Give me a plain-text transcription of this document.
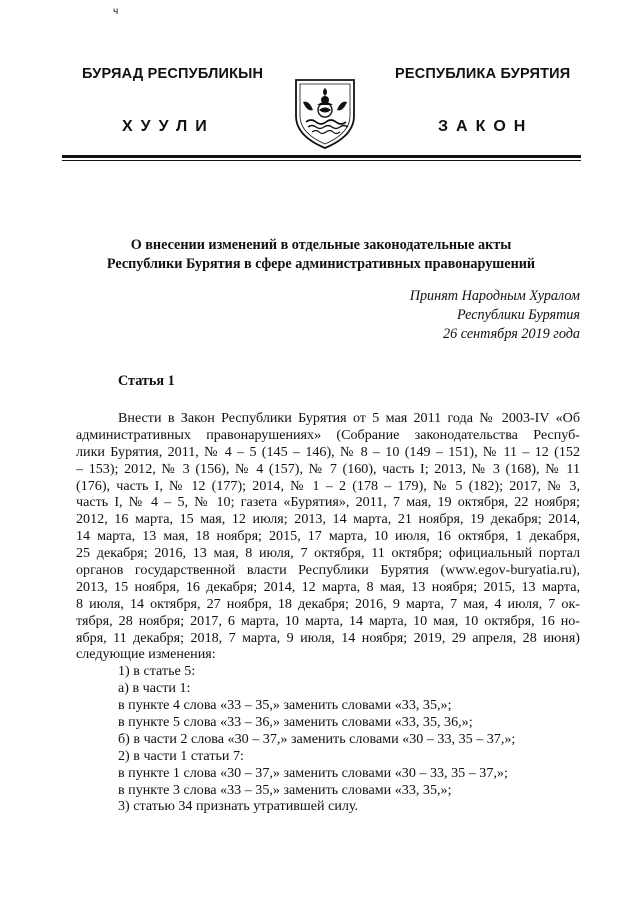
ч
БУРЯАД РЕСПУБЛИКЫН	РЕСПУБЛИКА БУРЯТИЯ
ХУУЛИ	ЗАКОН
О внесении изменений в отдельные законодательные акты
Республики Бурятия в сфере административных правонарушений
Принят Народным Хуралом
Республики Бурятия
26 сентября 2019 года
Статья 1
Внести в Закон Республики Бурятия от 5 мая 2011 года № 2003-IV «Об
административных правонарушениях» (Собрание законодательства Респуб-
лики Бурятия, 2011, № 4 – 5 (145 – 146), № 8 – 10 (149 – 151), № 11 – 12 (152
– 153); 2012, № 3 (156), № 4 (157), № 7 (160), часть I; 2013, № 3 (168), № 11
(176), часть I, № 12 (177); 2014, № 1 – 2 (178 – 179), № 5 (182); 2017, № 3,
часть I, № 4 – 5, № 10; газета «Бурятия», 2011, 7 мая, 19 октября, 22 ноября;
2012, 16 марта, 15 мая, 12 июля; 2013, 14 марта, 21 ноября, 19 декабря; 2014,
14 марта, 13 мая, 18 ноября; 2015, 17 марта, 10 июля, 16 октября, 1 декабря,
25 декабря; 2016, 13 мая, 8 июля, 7 октября, 11 октября; официальный портал
органов государственной власти Республики Бурятия (www.egov-buryatia.ru),
2013, 15 ноября, 16 декабря; 2014, 12 марта, 8 мая, 13 ноября; 2015, 13 марта,
8 июля, 14 октября, 27 ноября, 18 декабря; 2016, 9 марта, 7 мая, 4 июля, 7 ок-
тября, 28 ноября; 2017, 6 марта, 10 марта, 14 марта, 10 мая, 10 октября, 16 но-
ября, 11 декабря; 2018, 7 марта, 9 июля, 14 ноября; 2019, 29 апреля, 28 июня)
следующие изменения:
1) в статье 5:
а) в части 1:
в пункте 4 слова «33 – 35,» заменить словами «33, 35,»;
в пункте 5 слова «33 – 36,» заменить словами «33, 35, 36,»;
б) в части 2 слова «30 – 37,» заменить словами «30 – 33, 35 – 37,»;
2) в части 1 статьи 7:
в пункте 1 слова «30 – 37,» заменить словами «30 – 33, 35 – 37,»;
в пункте 3 слова «33 – 35,» заменить словами «33, 35,»;
3) статью 34 признать утратившей силу.
